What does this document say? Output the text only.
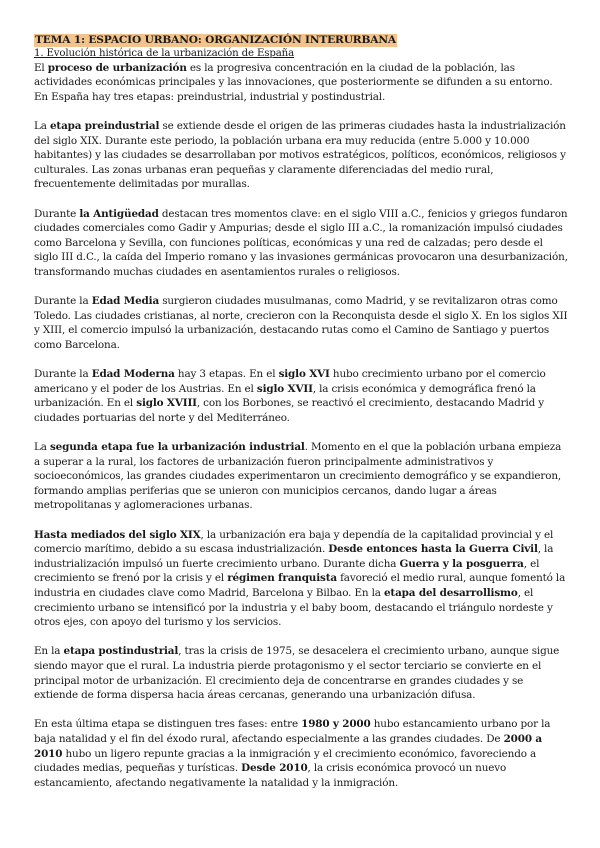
TEMA 1: ESPACIO URBANO: ORGANIZACIÓN INTERURBANA
1. Evolución histórica de la urbanización de España

El proceso de urbanización es la progresiva concentración en la ciudad de la población, las actividades económicas principales y las innovaciones, que posteriormente se difunden a su entorno. En España hay tres etapas: preindustrial, industrial y postindustrial.

La etapa preindustrial se extiende desde el origen de las primeras ciudades hasta la industrialización del siglo XIX. Durante este periodo, la población urbana era muy reducida (entre 5.000 y 10.000 habitantes) y las ciudades se desarrollaban por motivos estratégicos, políticos, económicos, religiosos y culturales. Las zonas urbanas eran pequeñas y claramente diferenciadas del medio rural, frecuentemente delimitadas por murallas.

Durante la Antigüedad destacan tres momentos clave: en el siglo VIII a.C., fenicios y griegos fundaron ciudades comerciales como Gadir y Ampurias; desde el siglo III a.C., la romanización impulsó ciudades como Barcelona y Sevilla, con funciones políticas, económicas y una red de calzadas; pero desde el siglo III d.C., la caída del Imperio romano y las invasiones germánicas provocaron una desurbanización, transformando muchas ciudades en asentamientos rurales o religiosos.

Durante la Edad Media surgieron ciudades musulmanas, como Madrid, y se revitalizaron otras como Toledo. Las ciudades cristianas, al norte, crecieron con la Reconquista desde el siglo X. En los siglos XII y XIII, el comercio impulsó la urbanización, destacando rutas como el Camino de Santiago y puertos como Barcelona.

Durante la Edad Moderna hay 3 etapas. En el siglo XVI hubo crecimiento urbano por el comercio americano y el poder de los Austrias. En el siglo XVII, la crisis económica y demográfica frenó la urbanización. En el siglo XVIII, con los Borbones, se reactivó el crecimiento, destacando Madrid y ciudades portuarias del norte y del Mediterráneo.

La segunda etapa fue la urbanización industrial. Momento en el que la población urbana empieza a superar a la rural, los factores de urbanización fueron principalmente administrativos y socioeconómicos, las grandes ciudades experimentaron un crecimiento demográfico y se expandieron, formando amplias periferias que se unieron con municipios cercanos, dando lugar a áreas metropolitanas y aglomeraciones urbanas.

Hasta mediados del siglo XIX, la urbanización era baja y dependía de la capitalidad provincial y el comercio marítimo, debido a su escasa industrialización. Desde entonces hasta la Guerra Civil, la industrialización impulsó un fuerte crecimiento urbano. Durante dicha Guerra y la posguerra, el crecimiento se frenó por la crisis y el régimen franquista favoreció el medio rural, aunque fomentó la industria en ciudades clave como Madrid, Barcelona y Bilbao. En la etapa del desarrollismo, el crecimiento urbano se intensificó por la industria y el baby boom, destacando el triángulo nordeste y otros ejes, con apoyo del turismo y los servicios.

En la etapa postindustrial, tras la crisis de 1975, se desacelera el crecimiento urbano, aunque sigue siendo mayor que el rural. La industria pierde protagonismo y el sector terciario se convierte en el principal motor de urbanización. El crecimiento deja de concentrarse en grandes ciudades y se extiende de forma dispersa hacia áreas cercanas, generando una urbanización difusa.

En esta última etapa se distinguen tres fases: entre 1980 y 2000 hubo estancamiento urbano por la baja natalidad y el fin del éxodo rural, afectando especialmente a las grandes ciudades. De 2000 a 2010 hubo un ligero repunte gracias a la inmigración y el crecimiento económico, favoreciendo a ciudades medias, pequeñas y turísticas. Desde 2010, la crisis económica provocó un nuevo estancamiento, afectando negativamente la natalidad y la inmigración.
